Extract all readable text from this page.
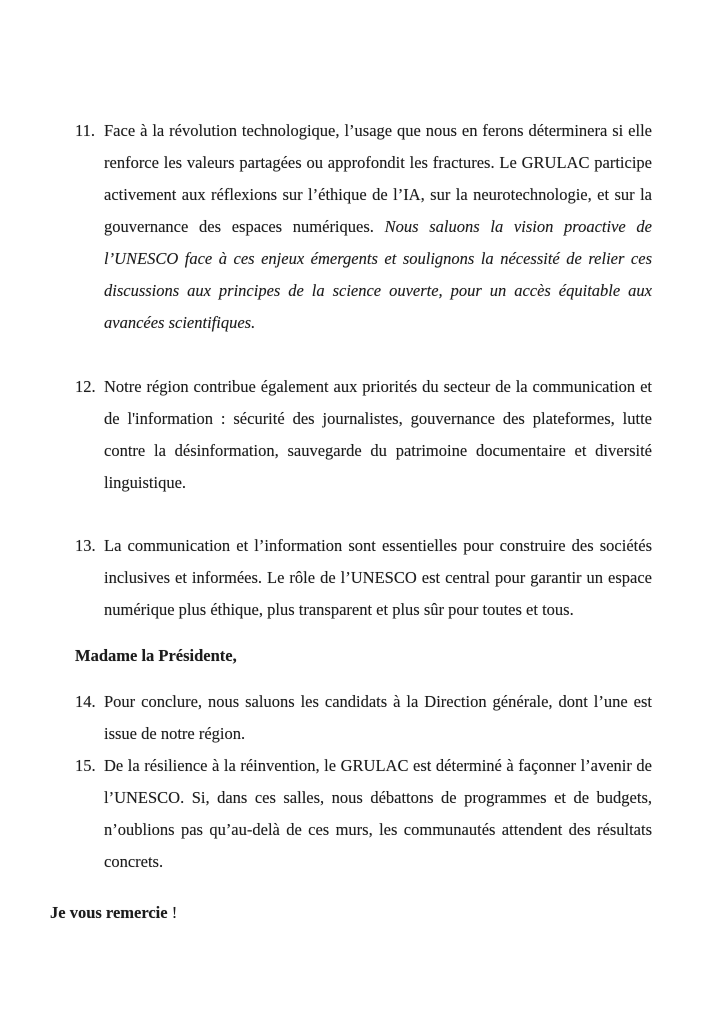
11. Face à la révolution technologique, l’usage que nous en ferons déterminera si elle renforce les valeurs partagées ou approfondit les fractures. Le GRULAC participe activement aux réflexions sur l’éthique de l’IA, sur la neurotechnologie, et sur la gouvernance des espaces numériques. Nous saluons la vision proactive de l’UNESCO face à ces enjeux émergents et soulignons la nécessité de relier ces discussions aux principes de la science ouverte, pour un accès équitable aux avancées scientifiques.

12. Notre région contribue également aux priorités du secteur de la communication et de l'information : sécurité des journalistes, gouvernance des plateformes, lutte contre la désinformation, sauvegarde du patrimoine documentaire et diversité linguistique.

13. La communication et l’information sont essentielles pour construire des sociétés inclusives et informées. Le rôle de l’UNESCO est central pour garantir un espace numérique plus éthique, plus transparent et plus sûr pour toutes et tous.

Madame la Présidente,

14. Pour conclure, nous saluons les candidats à la Direction générale, dont l’une est issue de notre région.

15. De la résilience à la réinvention, le GRULAC est déterminé à façonner l’avenir de l’UNESCO. Si, dans ces salles, nous débattons de programmes et de budgets, n’oublions pas qu’au-delà de ces murs, les communautés attendent des résultats concrets.

Je vous remercie !
